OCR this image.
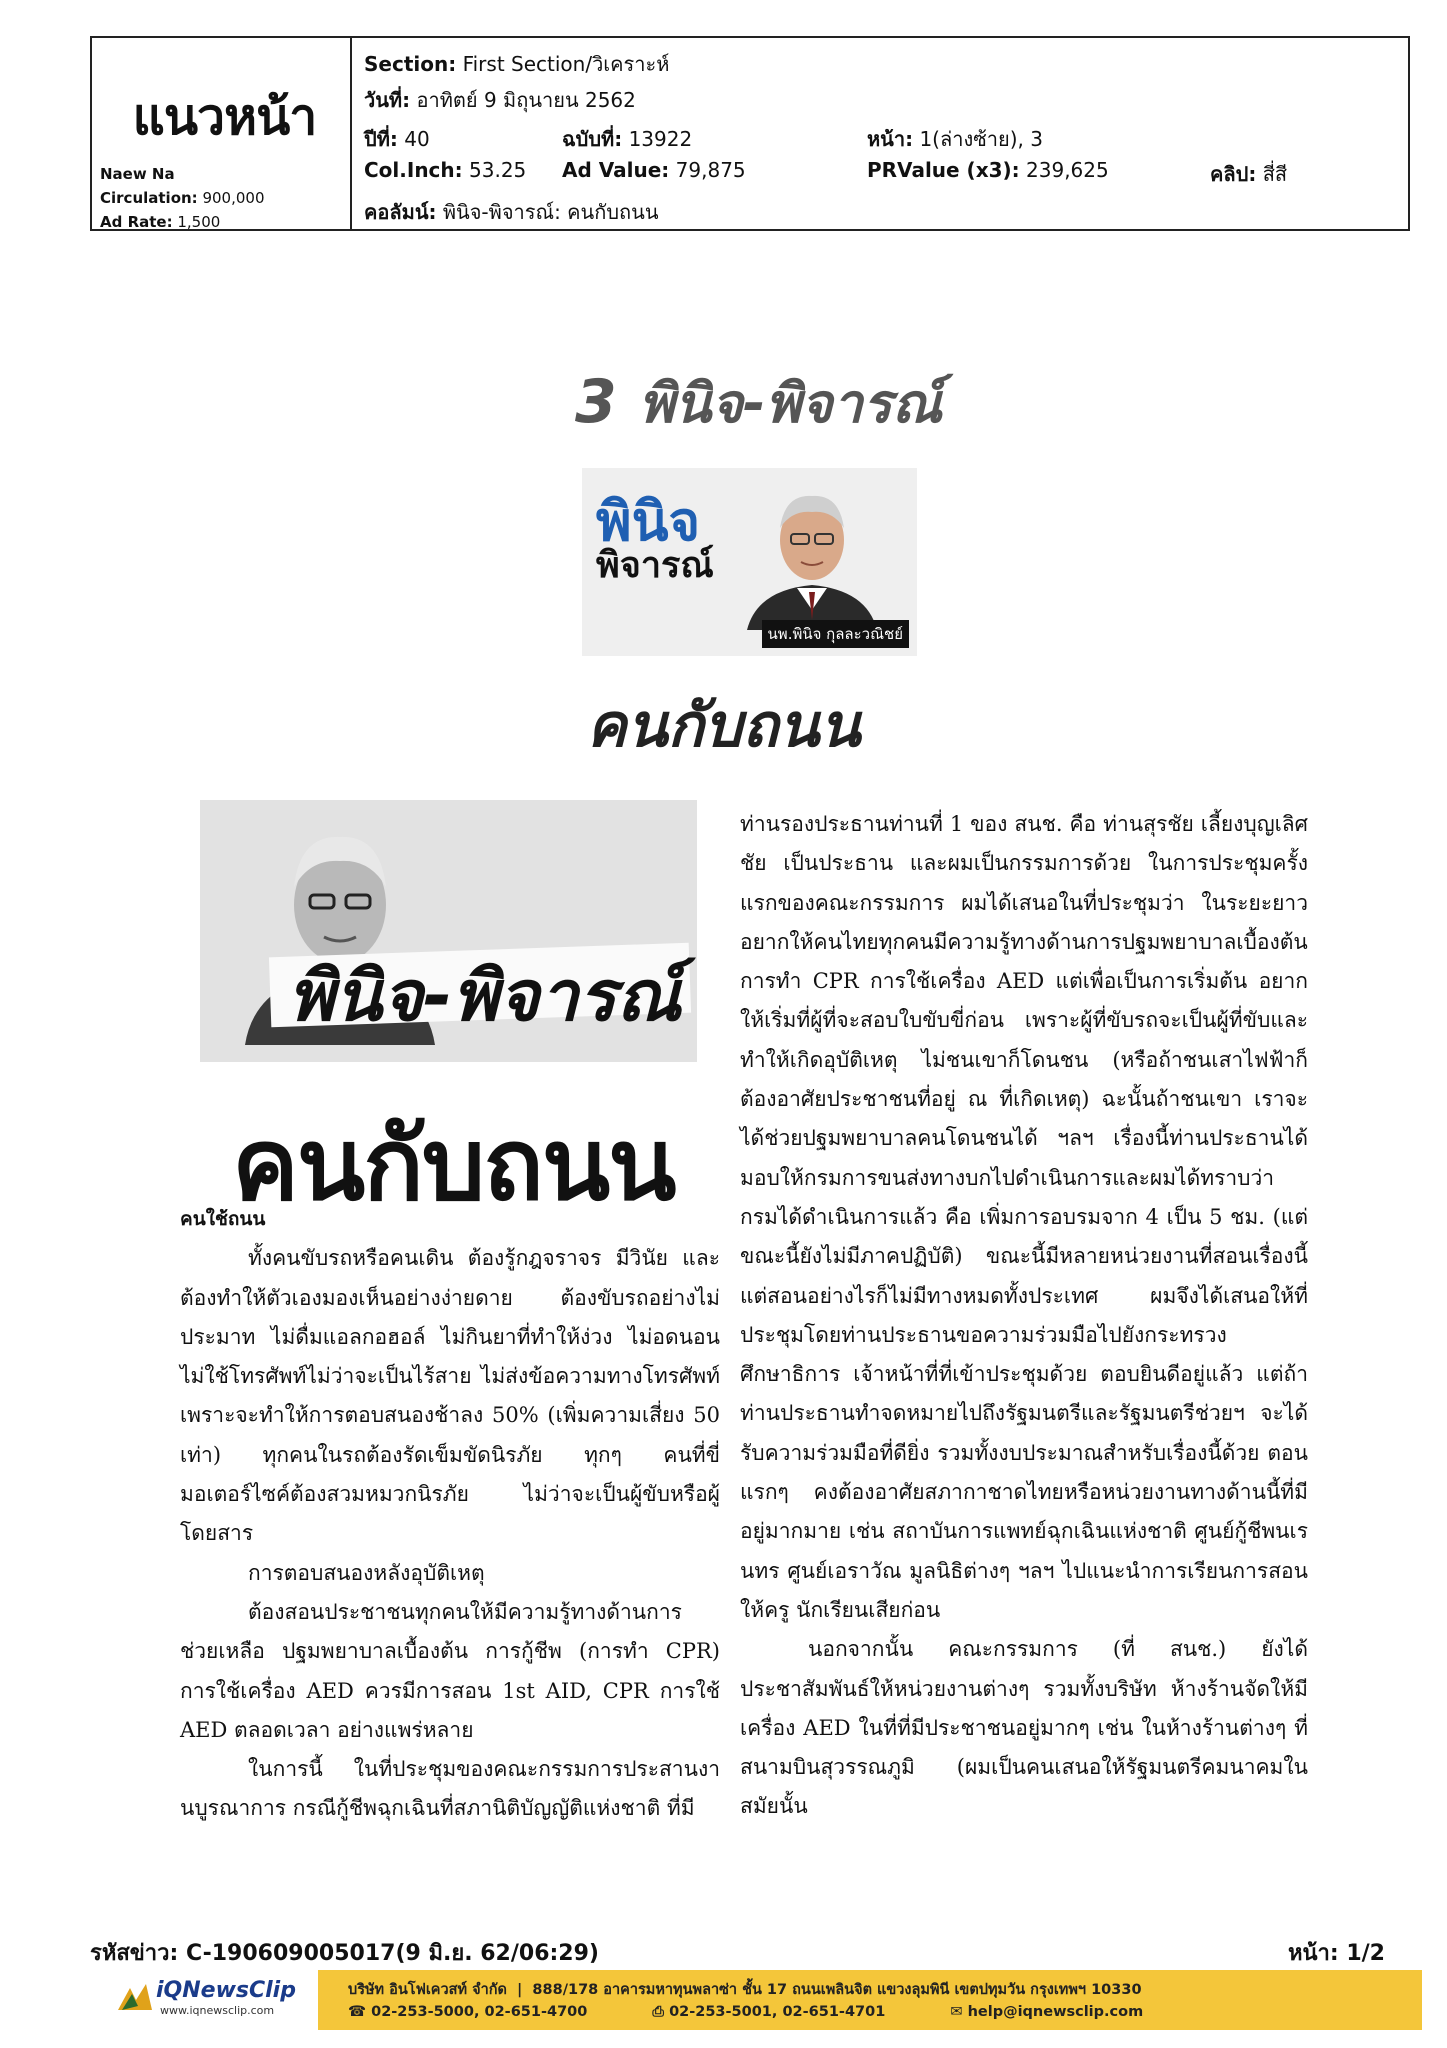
แนวหน้า
Naew Na
Circulation: 900,000
Ad Rate: 1,500
Section: First Section/วิเคราะห์
วันที่: อาทิตย์ 9 มิถุนายน 2562
ปีที่: 40	ฉบับที่: 13922	หน้า: 1(ล่างซ้าย), 3
Col.Inch: 53.25 Ad Value: 79,875	PRValue (x3): 239,625	คลิป: สี่สี
คอลัมน์: พินิจ-พิจารณ์: คนกับถนน
3 พินิจ-พิจารณ์
พินิจ
พิจารณ์
นพ.พินิจ กุลละวณิชย์
คนกับถนน
พินิจ-พิจารณ์
คนกับถนน

คนใช้ถนน

ทั้งคนขับรถหรือคนเดิน ต้องรู้กฎจราจร มีวินัย และต้องทำให้ตัวเองมองเห็นอย่างง่ายดาย ต้องขับรถอย่างไม่ประมาท ไม่ดื่มแอลกอฮอล์ ไม่กินยาที่ทำให้ง่วง ไม่อดนอน ไม่ใช้โทรศัพท์ไม่ว่าจะเป็นไร้สาย ไม่ส่งข้อความทางโทรศัพท์ เพราะจะทำให้การตอบสนองช้าลง 50% (เพิ่มความเสี่ยง 50 เท่า) ทุกคนในรถต้องรัดเข็มขัดนิรภัย ทุกๆ คนที่ขี่มอเตอร์ไซค์ต้องสวมหมวกนิรภัย ไม่ว่าจะเป็นผู้ขับหรือผู้โดยสาร

การตอบสนองหลังอุบัติเหตุ

ต้องสอนประชาชนทุกคนให้มีความรู้ทางด้านการช่วยเหลือ ปฐมพยาบาลเบื้องต้น การกู้ชีพ (การทำ CPR) การใช้เครื่อง AED ควรมีการสอน 1st AID, CPR การใช้ AED ตลอดเวลา อย่างแพร่หลาย

ในการนี้ ในที่ประชุมของคณะกรรมการประสานงานบูรณาการ กรณีกู้ชีพฉุกเฉินที่สภานิติบัญญัติแห่งชาติ ที่มี

ท่านรองประธานท่านที่ 1 ของ สนช. คือ ท่านสุรชัย เลี้ยงบุญเลิศชัย เป็นประธาน และผมเป็นกรรมการด้วย ในการประชุมครั้งแรกของคณะกรรมการ ผมได้เสนอในที่ประชุมว่า ในระยะยาวอยากให้คนไทยทุกคนมีความรู้ทางด้านการปฐมพยาบาลเบื้องต้น การทำ CPR การใช้เครื่อง AED แต่เพื่อเป็นการเริ่มต้น อยากให้เริ่มที่ผู้ที่จะสอบใบขับขี่ก่อน เพราะผู้ที่ขับรถจะเป็นผู้ที่ขับและทำให้เกิดอุบัติเหตุ ไม่ชนเขาก็โดนชน (หรือถ้าชนเสาไฟฟ้าก็ต้องอาศัยประชาชนที่อยู่ ณ ที่เกิดเหตุ) ฉะนั้นถ้าชนเขา เราจะได้ช่วยปฐมพยาบาลคนโดนชนได้ ฯลฯ เรื่องนี้ท่านประธานได้มอบให้กรมการขนส่งทางบกไปดำเนินการและผมได้ทราบว่ากรมได้ดำเนินการแล้ว คือ เพิ่มการอบรมจาก 4 เป็น 5 ชม. (แต่ขณะนี้ยังไม่มีภาคปฏิบัติ) ขณะนี้มีหลายหน่วยงานที่สอนเรื่องนี้ แต่สอนอย่างไรก็ไม่มีทางหมดทั้งประเทศ ผมจึงได้เสนอให้ที่ประชุมโดยท่านประธานขอความร่วมมือไปยังกระทรวงศึกษาธิการ เจ้าหน้าที่ที่เข้าประชุมด้วย ตอบยินดีอยู่แล้ว แต่ถ้าท่านประธานทำจดหมายไปถึงรัฐมนตรีและรัฐมนตรีช่วยฯ จะได้รับความร่วมมือที่ดียิ่ง รวมทั้งงบประมาณสำหรับเรื่องนี้ด้วย ตอนแรกๆ คงต้องอาศัยสภากาชาดไทยหรือหน่วยงานทางด้านนี้ที่มีอยู่มากมาย เช่น สถาบันการแพทย์ฉุกเฉินแห่งชาติ ศูนย์กู้ชีพนเรนทร ศูนย์เอราวัณ มูลนิธิต่างๆ ฯลฯ ไปแนะนำการเรียนการสอนให้ครู นักเรียนเสียก่อน

นอกจากนั้น คณะกรรมการ (ที่ สนช.) ยังได้ประชาสัมพันธ์ให้หน่วยงานต่างๆ รวมทั้งบริษัท ห้างร้านจัดให้มีเครื่อง AED ในที่ที่มีประชาชนอยู่มากๆ เช่น ในห้างร้านต่างๆ ที่สนามบินสุวรรณภูมิ (ผมเป็นคนเสนอให้รัฐมนตรีคมนาคมในสมัยนั้น

รหัสข่าว: C-190609005017(9 มิ.ย. 62/06:29)	หน้า: 1/2
iQNewsClip
www.iqnewsclip.com
บริษัท อินโฟเควสท์ จำกัด  |  888/178 อาคารมหาทุนพลาซ่า ชั้น 17 ถนนเพลินจิต แขวงลุมพินี เขตปทุมวัน กรุงเทพฯ 10330
☎ 02-253-5000, 02-651-4700	⎙ 02-253-5001, 02-651-4701	✉ help@iqnewsclip.com
